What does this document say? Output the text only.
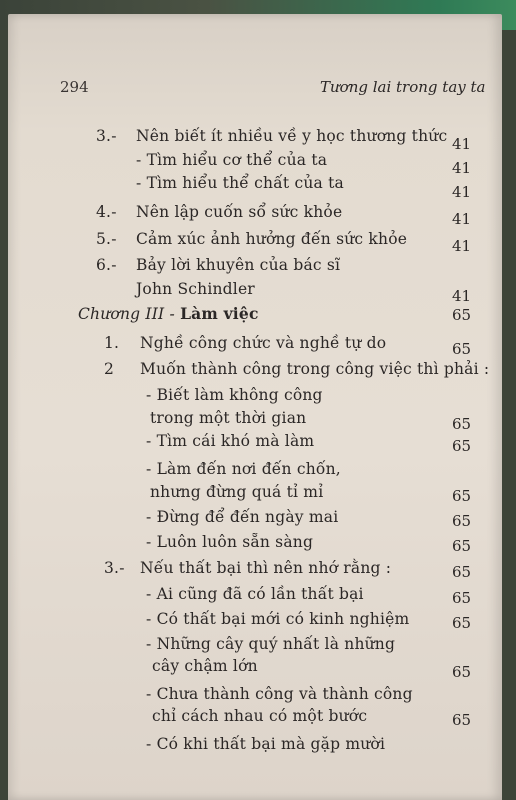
294	Tương lai trong tay ta
3.- Nên biết ít nhiều về y học thương thức 41
- Tìm hiểu cơ thể của ta	41
- Tìm hiểu thể chất của ta	41
4.- Nên lập cuốn sổ sức khỏe	41
5.- Cảm xúc ảnh hưởng đến sức khỏe	41
6.- Bảy lời khuyên của bác sĩ
John Schindler	41
Chương III - Làm việc	65
1. Nghề công chức và nghề tự do	65
2 Muốn thành công trong công việc thì phải :
- Biết làm không công
trong một thời gian	65
- Tìm cái khó mà làm	65
- Làm đến nơi đến chốn,
nhưng đừng quá tỉ mỉ	65
- Đừng để đến ngày mai	65
- Luôn luôn sẵn sàng	65
3.- Nếu thất bại thì nên nhớ rằng :	65
- Ai cũng đã có lần thất bại	65
- Có thất bại mới có kinh nghiệm	65
- Những cây quý nhất là những
cây chậm lớn	65
- Chưa thành công và thành công
chỉ cách nhau có một bước	65
- Có khi thất bại mà gặp mười
